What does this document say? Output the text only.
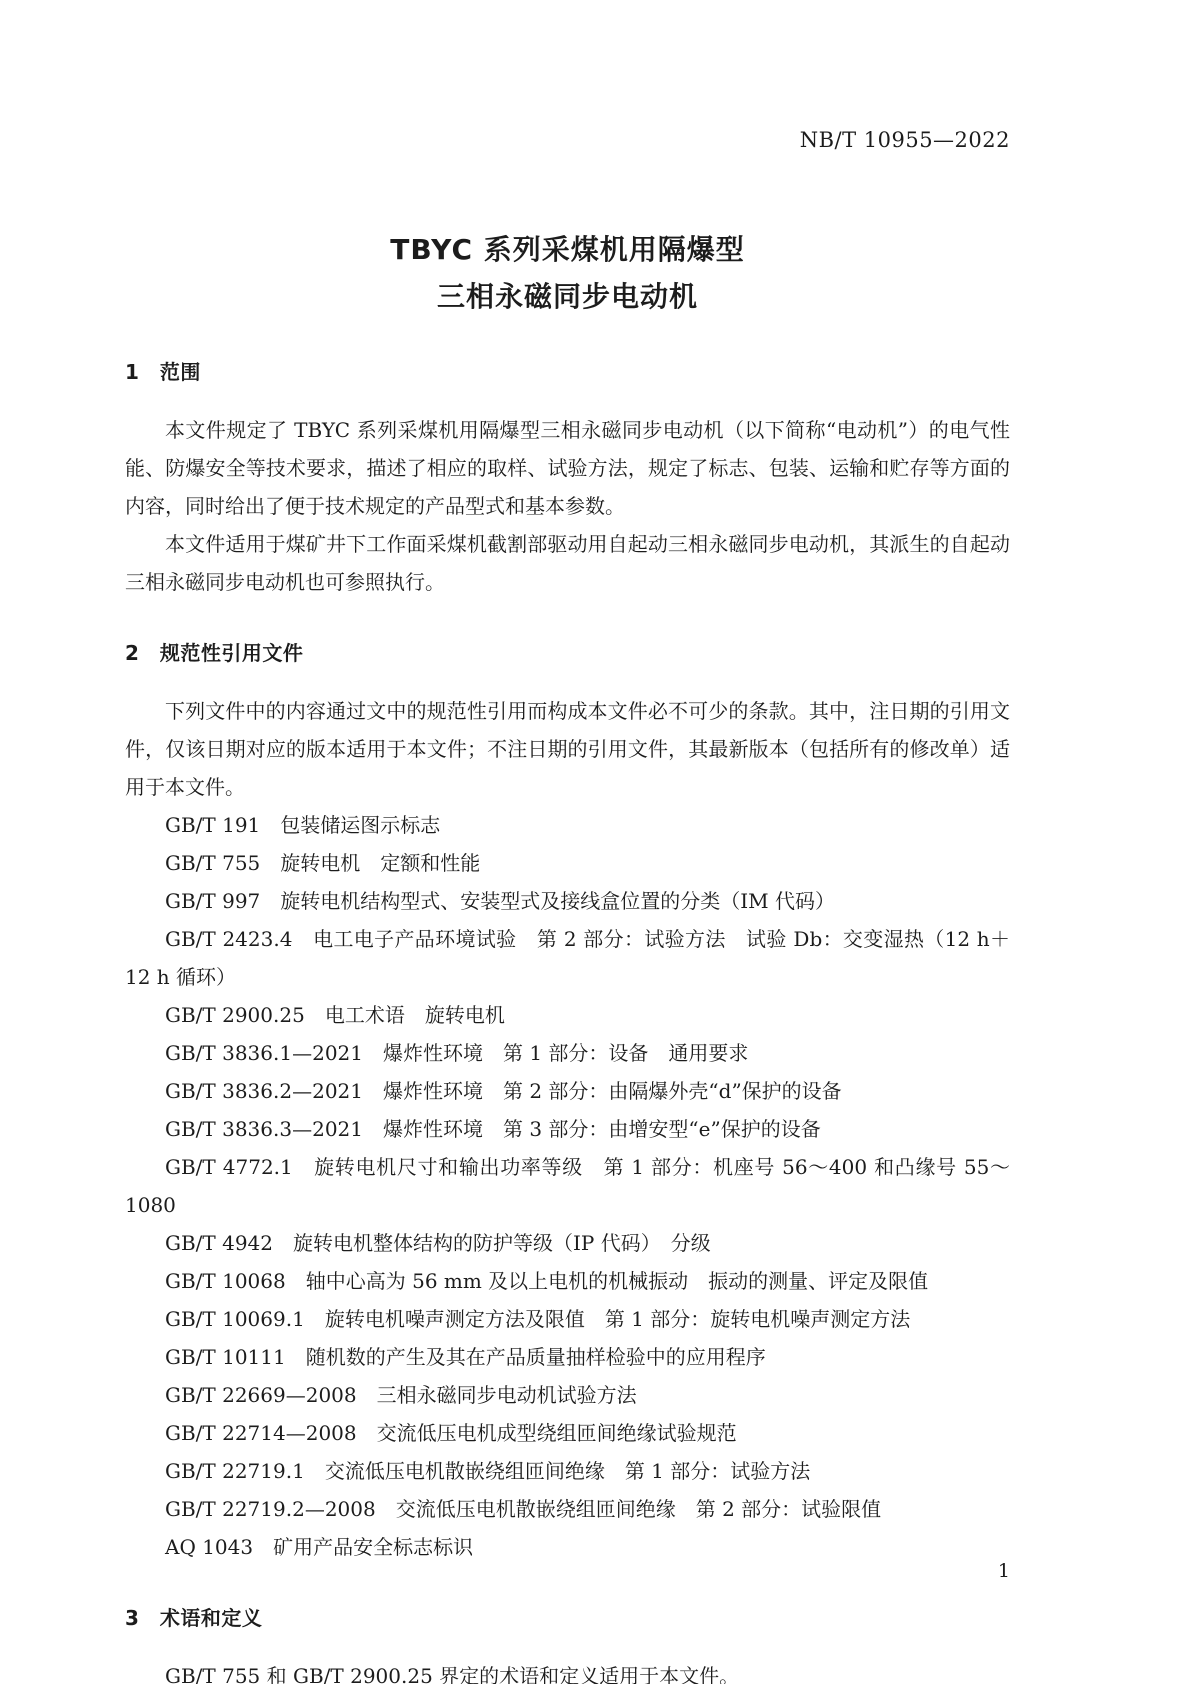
NB/T 10955—2022
TBYC 系列采煤机用隔爆型
三相永磁同步电动机
1　范围

本文件规定了 TBYC 系列采煤机用隔爆型三相永磁同步电动机（以下简称“电动机”）的电气性能、防爆安全等技术要求，描述了相应的取样、试验方法，规定了标志、包装、运输和贮存等方面的内容，同时给出了便于技术规定的产品型式和基本参数。

本文件适用于煤矿井下工作面采煤机截割部驱动用自起动三相永磁同步电动机，其派生的自起动三相永磁同步电动机也可参照执行。

2　规范性引用文件

下列文件中的内容通过文中的规范性引用而构成本文件必不可少的条款。其中，注日期的引用文件，仅该日期对应的版本适用于本文件；不注日期的引用文件，其最新版本（包括所有的修改单）适用于本文件。

GB/T 191　包装储运图示标志
GB/T 755　旋转电机　定额和性能
GB/T 997　旋转电机结构型式、安装型式及接线盒位置的分类（IM 代码）
GB/T 2423.4　电工电子产品环境试验　第 2 部分：试验方法　试验 Db：交变湿热（12 h＋12 h 循环）
GB/T 2900.25　电工术语　旋转电机
GB/T 3836.1—2021　爆炸性环境　第 1 部分：设备　通用要求
GB/T 3836.2—2021　爆炸性环境　第 2 部分：由隔爆外壳“d”保护的设备
GB/T 3836.3—2021　爆炸性环境　第 3 部分：由增安型“e”保护的设备
GB/T 4772.1　旋转电机尺寸和输出功率等级　第 1 部分：机座号 56～400 和凸缘号 55～1080
GB/T 4942　旋转电机整体结构的防护等级（IP 代码）　分级
GB/T 10068　轴中心高为 56 mm 及以上电机的机械振动　振动的测量、评定及限值
GB/T 10069.1　旋转电机噪声测定方法及限值　第 1 部分：旋转电机噪声测定方法
GB/T 10111　随机数的产生及其在产品质量抽样检验中的应用程序
GB/T 22669—2008　三相永磁同步电动机试验方法
GB/T 22714—2008　交流低压电机成型绕组匝间绝缘试验规范
GB/T 22719.1　交流低压电机散嵌绕组匝间绝缘　第 1 部分：试验方法
GB/T 22719.2—2008　交流低压电机散嵌绕组匝间绝缘　第 2 部分：试验限值
AQ 1043　矿用产品安全标志标识
3　术语和定义

GB/T 755 和 GB/T 2900.25 界定的术语和定义适用于本文件。

1
